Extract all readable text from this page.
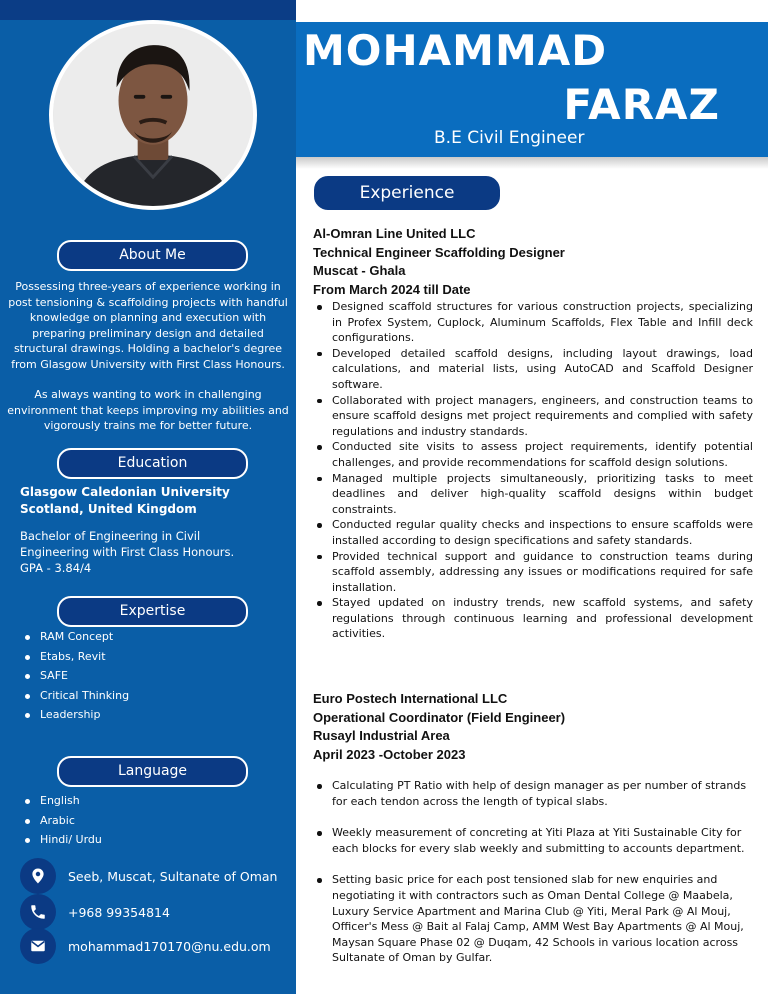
MOHAMMAD
FARAZ
B.E Civil Engineer
About Me

Possessing three-years of experience working in post tensioning & scaffolding projects with handful knowledge on planning and execution with preparing preliminary design and detailed structural drawings. Holding a bachelor's degree from Glasgow University with First Class Honours.

As always wanting to work in challenging environment that keeps improving my abilities and vigorously trains me for better future.

Education
Glasgow Caledonian University
Scotland, United Kingdom
Bachelor of Engineering in Civil Engineering with First Class Honours. GPA - 3.84/4
Expertise
RAM Concept
Etabs, Revit
SAFE
Critical Thinking
Leadership
Language
English
Arabic
Hindi/ Urdu
Seeb, Muscat, Sultanate of Oman
+968 99354814
mohammad170170@nu.edu.om
Experience
Al-Omran Line United LLC
Technical Engineer Scaffolding Designer
Muscat - Ghala
From March 2024 till Date
Designed scaffold structures for various construction projects, specializing in Profex System, Cuplock, Aluminum Scaffolds, Flex Table and Infill deck configurations.
Developed detailed scaffold designs, including layout drawings, load calculations, and material lists, using AutoCAD and Scaffold Designer software.
Collaborated with project managers, engineers, and construction teams to ensure scaffold designs met project requirements and complied with safety regulations and industry standards.
Conducted site visits to assess project requirements, identify potential challenges, and provide recommendations for scaffold design solutions.
Managed multiple projects simultaneously, prioritizing tasks to meet deadlines and deliver high-quality scaffold designs within budget constraints.
Conducted regular quality checks and inspections to ensure scaffolds were installed according to design specifications and safety standards.
Provided technical support and guidance to construction teams during scaffold assembly, addressing any issues or modifications required for safe installation.
Stayed updated on industry trends, new scaffold systems, and safety regulations through continuous learning and professional development activities.
Euro Postech International LLC
Operational Coordinator (Field Engineer)
Rusayl Industrial Area
April 2023 -October 2023
Calculating PT Ratio with help of design manager as per number of strands for each tendon across the length of typical slabs.
Weekly measurement of concreting at Yiti Plaza at Yiti Sustainable City for each blocks for every slab weekly and submitting to accounts department.
Setting basic price for each post tensioned slab for new enquiries and negotiating it with contractors such as Oman Dental College @ Maabela, Luxury Service Apartment and Marina Club @ Yiti, Meral Park @ Al Mouj, Officer's Mess @ Bait al Falaj Camp, AMM West Bay Apartments @ Al Mouj, Maysan Square Phase 02 @ Duqam, 42 Schools in various location across Sultanate of Oman by Gulfar.
